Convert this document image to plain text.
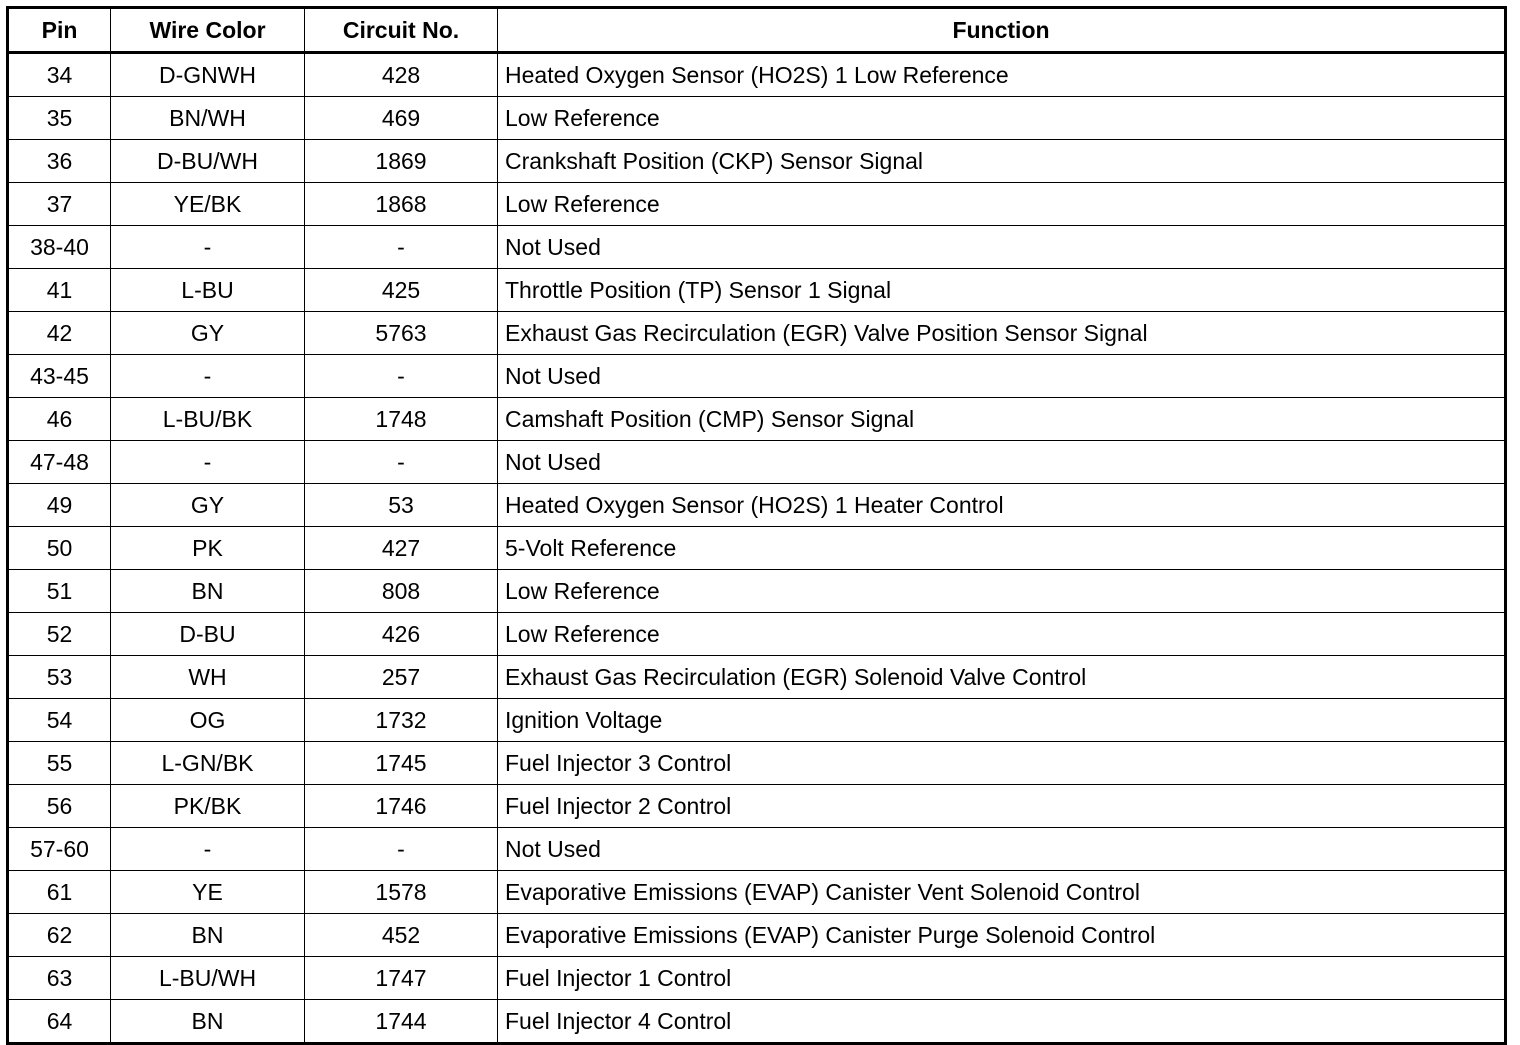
Pin	Wire Color	Circuit No.	Function
34	D-GNWH	428	Heated Oxygen Sensor (HO2S) 1 Low Reference
35	BN/WH	469	Low Reference
36	D-BU/WH	1869	Crankshaft Position (CKP) Sensor Signal
37	YE/BK	1868	Low Reference
38-40	-	-	Not Used
41	L-BU	425	Throttle Position (TP) Sensor 1 Signal
42	GY	5763	Exhaust Gas Recirculation (EGR) Valve Position Sensor Signal
43-45	-	-	Not Used
46	L-BU/BK	1748	Camshaft Position (CMP) Sensor Signal
47-48	-	-	Not Used
49	GY	53	Heated Oxygen Sensor (HO2S) 1 Heater Control
50	PK	427	5-Volt Reference
51	BN	808	Low Reference
52	D-BU	426	Low Reference
53	WH	257	Exhaust Gas Recirculation (EGR) Solenoid Valve Control
54	OG	1732	Ignition Voltage
55	L-GN/BK	1745	Fuel Injector 3 Control
56	PK/BK	1746	Fuel Injector 2 Control
57-60	-	-	Not Used
61	YE	1578	Evaporative Emissions (EVAP) Canister Vent Solenoid Control
62	BN	452	Evaporative Emissions (EVAP) Canister Purge Solenoid Control
63	L-BU/WH	1747	Fuel Injector 1 Control
64	BN	1744	Fuel Injector 4 Control
